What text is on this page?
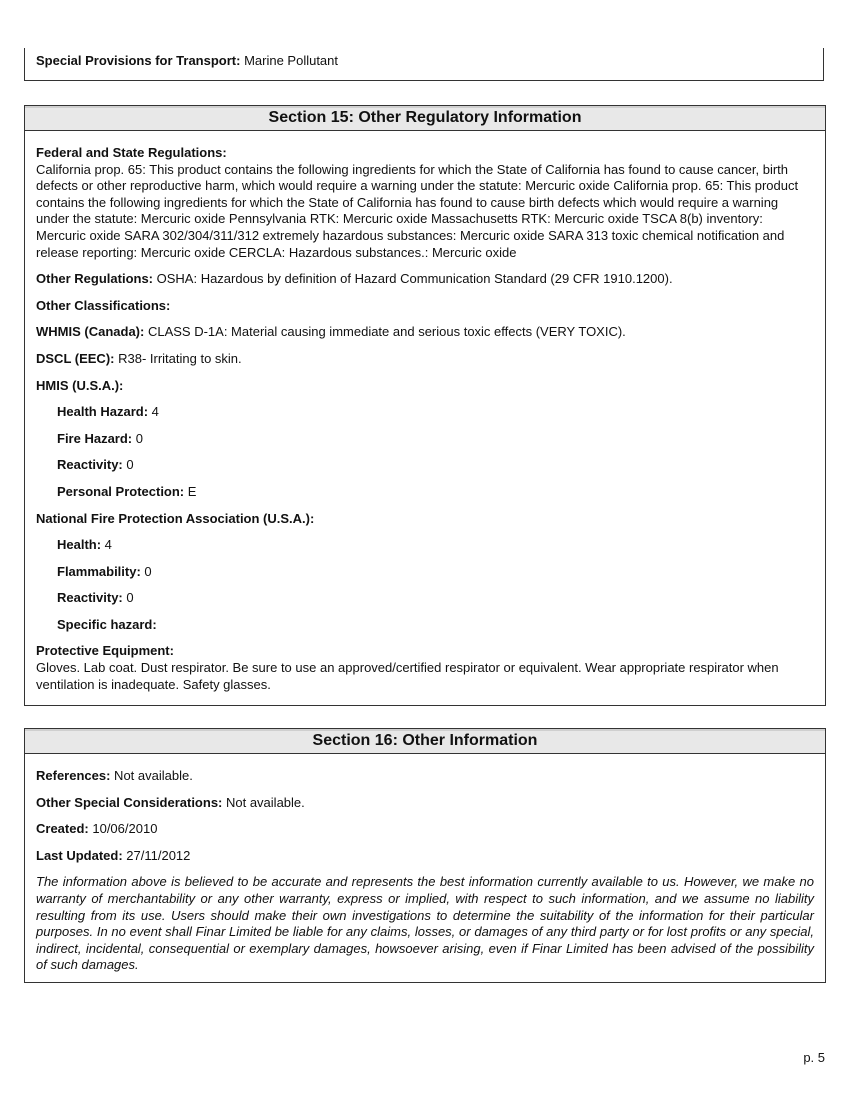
Special Provisions for Transport: Marine Pollutant
Section 15: Other Regulatory Information
Federal and State Regulations:
California prop. 65: This product contains the following ingredients for which the State of California has found to cause cancer, birth defects or other reproductive harm, which would require a warning under the statute: Mercuric oxide California prop. 65: This product contains the following ingredients for which the State of California has found to cause birth defects which would require a warning under the statute: Mercuric oxide Pennsylvania RTK: Mercuric oxide Massachusetts RTK: Mercuric oxide TSCA 8(b) inventory: Mercuric oxide SARA 302/304/311/312 extremely hazardous substances: Mercuric oxide SARA 313 toxic chemical notification and release reporting: Mercuric oxide CERCLA: Hazardous substances.: Mercuric oxide
Other Regulations: OSHA: Hazardous by definition of Hazard Communication Standard (29 CFR 1910.1200).
Other Classifications:
WHMIS (Canada): CLASS D-1A: Material causing immediate and serious toxic effects (VERY TOXIC).
DSCL (EEC): R38- Irritating to skin.
HMIS (U.S.A.):
Health Hazard: 4
Fire Hazard: 0
Reactivity: 0
Personal Protection: E
National Fire Protection Association (U.S.A.):
Health: 4
Flammability: 0
Reactivity: 0
Specific hazard:
Protective Equipment:
Gloves. Lab coat. Dust respirator. Be sure to use an approved/certified respirator or equivalent. Wear appropriate respirator when ventilation is inadequate. Safety glasses.
Section 16: Other Information
References: Not available.
Other Special Considerations: Not available.
Created: 10/06/2010
Last Updated: 27/11/2012

The information above is believed to be accurate and represents the best information currently available to us. However, we make no warranty of merchantability or any other warranty, express or implied, with respect to such information, and we assume no liability resulting from its use. Users should make their own investigations to determine the suitability of the information for their particular purposes. In no event shall Finar Limited be liable for any claims, losses, or damages of any third party or for lost profits or any special, indirect, incidental, consequential or exemplary damages, howsoever arising, even if Finar Limited has been advised of the possibility of such damages.

p. 5
